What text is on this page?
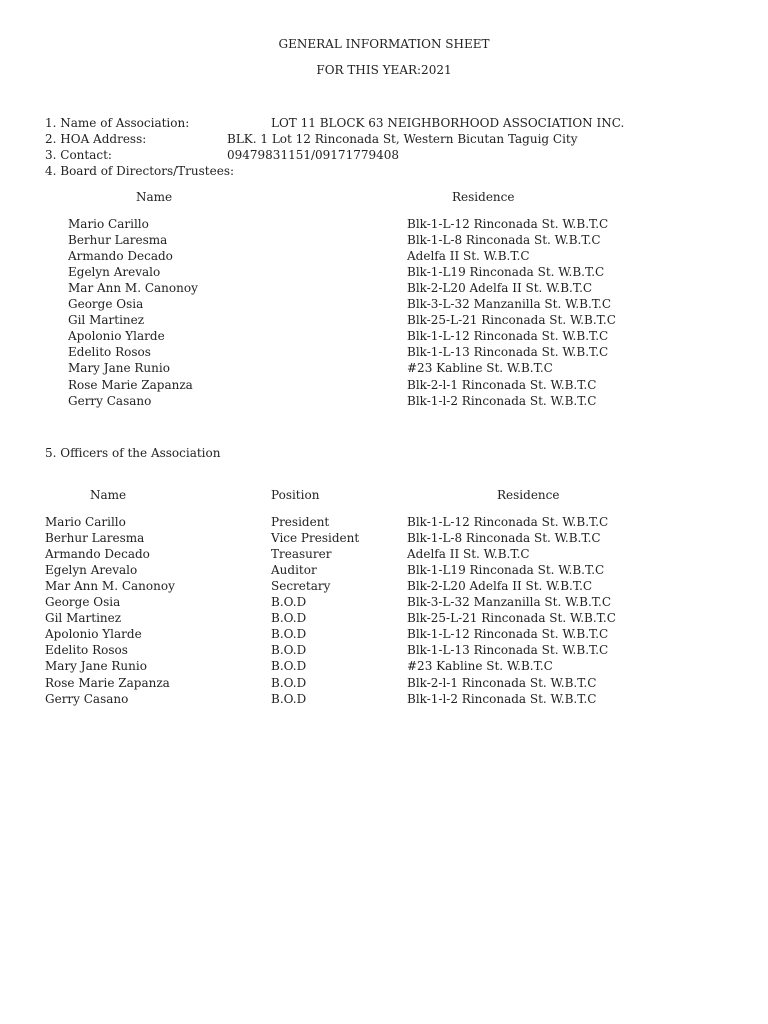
GENERAL INFORMATION SHEET
FOR THIS YEAR:2021
1. Name of Association:	LOT 11 BLOCK 63 NEIGHBORHOOD ASSOCIATION INC.
2. HOA Address:	BLK. 1 Lot 12 Rinconada St, Western Bicutan Taguig City
3. Contact:	09479831151/09171779408
4. Board of Directors/Trustees:
Name	Residence
Mario Carillo	Blk-1-L-12 Rinconada St. W.B.T.C
Berhur Laresma	Blk-1-L-8 Rinconada St. W.B.T.C
Armando Decado	Adelfa II St. W.B.T.C
Egelyn Arevalo	Blk-1-L19 Rinconada St. W.B.T.C
Mar Ann M. Canonoy	Blk-2-L20 Adelfa II St. W.B.T.C
George Osia	Blk-3-L-32 Manzanilla St. W.B.T.C
Gil Martinez	Blk-25-L-21 Rinconada St. W.B.T.C
Apolonio Ylarde	Blk-1-L-12 Rinconada St. W.B.T.C
Edelito Rosos	Blk-1-L-13 Rinconada St. W.B.T.C
Mary Jane Runio	#23 Kabline St. W.B.T.C
Rose Marie Zapanza	Blk-2-l-1 Rinconada St. W.B.T.C
Gerry Casano	Blk-1-l-2 Rinconada St. W.B.T.C
5. Officers of the Association
Name	Position	Residence
Mario Carillo	President	Blk-1-L-12 Rinconada St. W.B.T.C
Berhur Laresma	Vice President	Blk-1-L-8 Rinconada St. W.B.T.C
Armando Decado	Treasurer	Adelfa II St. W.B.T.C
Egelyn Arevalo	Auditor	Blk-1-L19 Rinconada St. W.B.T.C
Mar Ann M. Canonoy	Secretary	Blk-2-L20 Adelfa II St. W.B.T.C
George Osia	B.O.D	Blk-3-L-32 Manzanilla St. W.B.T.C
Gil Martinez	B.O.D	Blk-25-L-21 Rinconada St. W.B.T.C
Apolonio Ylarde	B.O.D	Blk-1-L-12 Rinconada St. W.B.T.C
Edelito Rosos	B.O.D	Blk-1-L-13 Rinconada St. W.B.T.C
Mary Jane Runio	B.O.D	#23 Kabline St. W.B.T.C
Rose Marie Zapanza	B.O.D	Blk-2-l-1 Rinconada St. W.B.T.C
Gerry Casano	B.O.D	Blk-1-l-2 Rinconada St. W.B.T.C
